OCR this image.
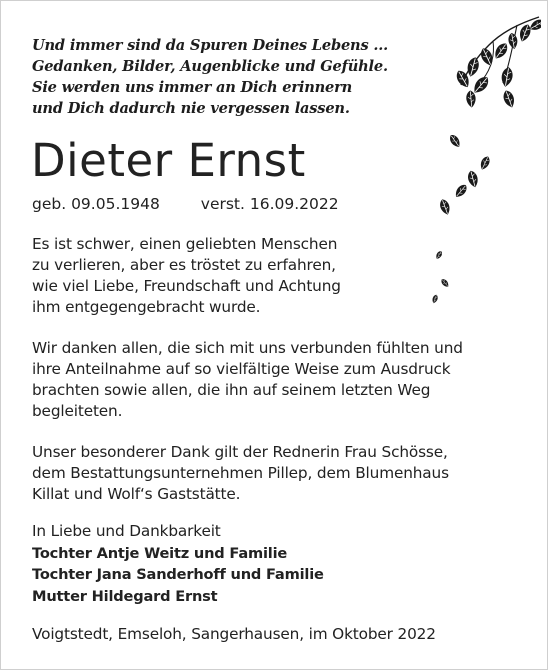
Und immer sind da Spuren Deines Lebens ...
Gedanken, Bilder, Augenblicke und Gefühle.
Sie werden uns immer an Dich erinnern
und Dich dadurch nie vergessen lassen.
Dieter Ernst
geb. 09.05.1948	verst. 16.09.2022
Es ist schwer, einen geliebten Menschen
zu verlieren, aber es tröstet zu erfahren,
wie viel Liebe, Freundschaft und Achtung
ihm entgegengebracht wurde.
Wir danken allen, die sich mit uns verbunden fühlten und
ihre Anteilnahme auf so vielfältige Weise zum Ausdruck
brachten sowie allen, die ihn auf seinem letzten Weg
begleiteten.
Unser besonderer Dank gilt der Rednerin Frau Schösse,
dem Bestattungsunternehmen Pillep, dem Blumenhaus
Killat und Wolf‘s Gaststätte.
In Liebe und Dankbarkeit
Tochter Antje Weitz und Familie
Tochter Jana Sanderhoff und Familie
Mutter Hildegard Ernst
Voigtstedt, Emseloh, Sangerhausen, im Oktober 2022
